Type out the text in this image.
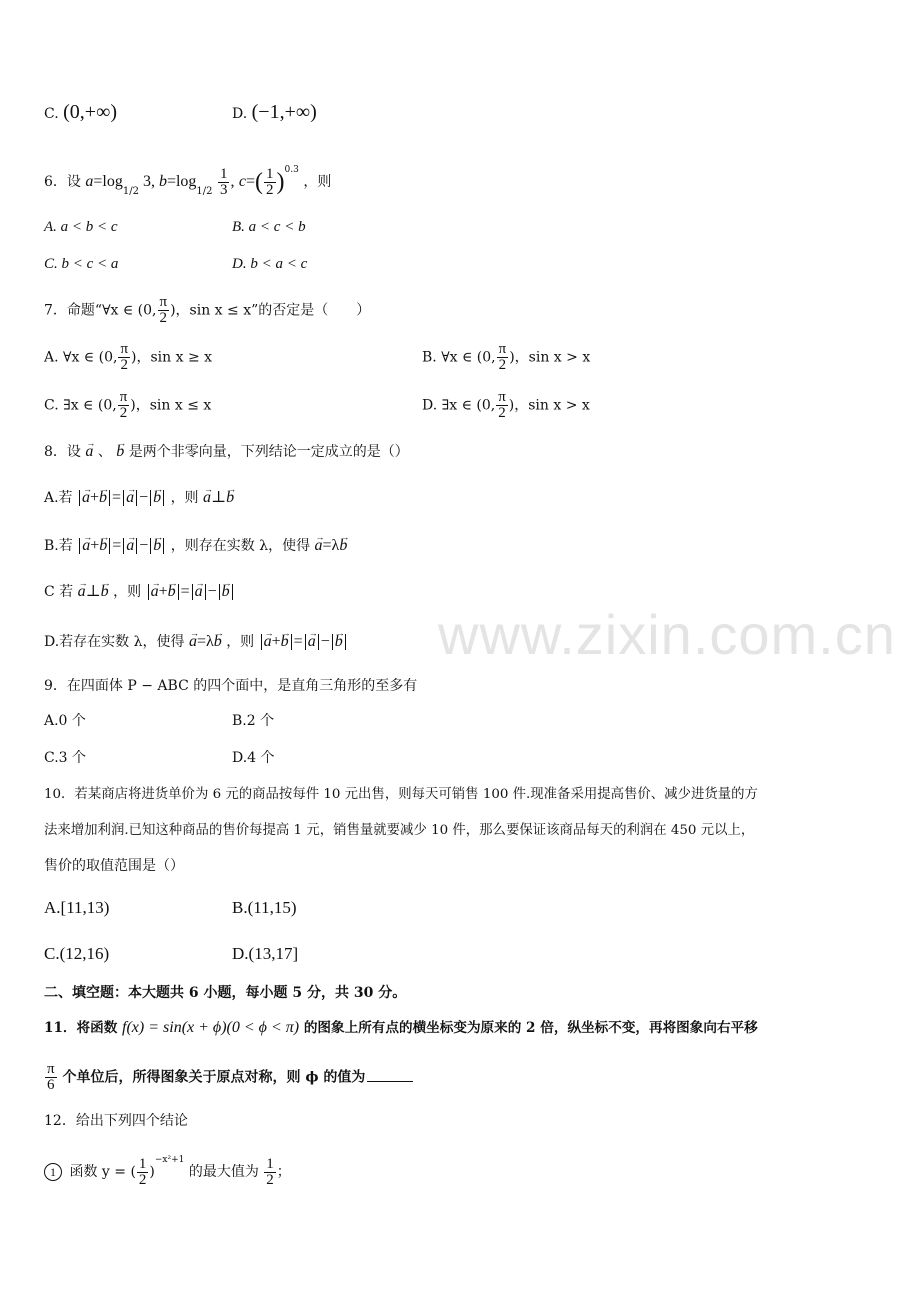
www.zixin.com.cn
C. (0,+∞)	D. (−1,+∞)
6．设 $a=\log_{1/2}$ 3, $b=\log_{1/2} \frac{1}{3}$ , $c=( \frac{1}{2} )^{0.3}$ ，则
A. a < b < c	B. a < c < b
C. b < c < a	D. b < a < c
7．命题“∀x ∈ (0, $\frac{\pi}{2}$ )，sin x ≤ x”的否定是（　　）
A. ∀x ∈ (0, $\frac{\pi}{2}$ )，sin x ≥ x	B. ∀x ∈ (0, $\frac{\pi}{2}$ )，sin x > x
C. ∃x ∈ (0, $\frac{\pi}{2}$ )，sin x ≤ x	D. ∃x ∈ (0, $\frac{\pi}{2}$ )，sin x > x
8．设 → a 、 → b 是两个非零向量，下列结论一定成立的是（）
A.若 → a+→ b = → a − → b ，则 → a⊥→ b
B.若 → a+→ b = → a − → b ，则存在实数 λ，使得 → a=λ→ b
C 若 → a⊥→ b ，则 → a+→ b = → a − → b
D.若存在实数 λ，使得 → a=λ→ b ，则 → a+→ b = → a − → b
9．在四面体 P − ABC 的四个面中，是直角三角形的至多有
A.0 个	B.2 个
C.3 个	D.4 个
10．若某商店将进货单价为 6 元的商品按每件 10 元出售，则每天可销售 100 件.现准备采用提高售价、减少进货量的方
法来增加利润.已知这种商品的售价每提高 1 元，销售量就要减少 10 件，那么要保证该商品每天的利润在 450 元以上，
售价的取值范围是（）
A.[11,13)	B.(11,15)
C.(12,16)	D.(13,17]
二、填空题：本大题共 6 小题，每小题 5 分，共 30 分。
11．将函数 f(x) = sin(x + ϕ)(0 < ϕ < π) 的图象上所有点的横坐标变为原来的 2 倍，纵坐标不变，再将图象向右平移
$\frac{\pi}{6}$ 个单位后，所得图象关于原点对称，则 ϕ 的值为
12．给出下列四个结论
1 函数 y = ( $\frac{1}{2} )^{-x^2+1}$ 的最大值为 $\frac{1}{2}$ ；
